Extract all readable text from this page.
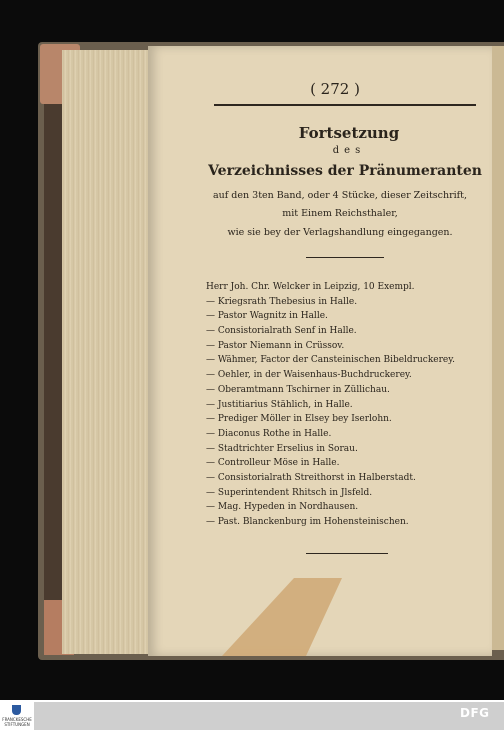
( 272 )
Fortsetzung
des
Verzeichnisses der Pränumeranten
auf den 3ten Band, oder 4 Stücke, dieser Zeitschrift,
mit Einem Reichsthaler,
wie sie bey der Verlagshandlung eingegangen.
Herr Joh. Chr. Welcker in Leipzig, 10 Exempl.
— Kriegsrath Thebesius in Halle.
— Pastor Wagnitz in Halle.
— Consistorialrath Senf in Halle.
— Pastor Niemann in Crüssov.
— Wähmer, Factor der Cansteinischen Bibeldruckerey.
— Oehler, in der Waisenhaus-Buchdruckerey.
— Oberamtmann Tschirner in Züllichau.
— Justitiarius Stählich, in Halle.
— Prediger Möller in Elsey bey Iserlohn.
— Diaconus Rothe in Halle.
— Stadtrichter Erselius in Sorau.
— Controlleur Möse in Halle.
— Consistorialrath Streithorst in Halberstadt.
— Superintendent Rhitsch in Jlsfeld.
— Mag. Hypeden in Nordhausen.
— Past. Blanckenburg im Hohensteinischen.
FRANCKESCHE STIFTUNGEN
DFG
